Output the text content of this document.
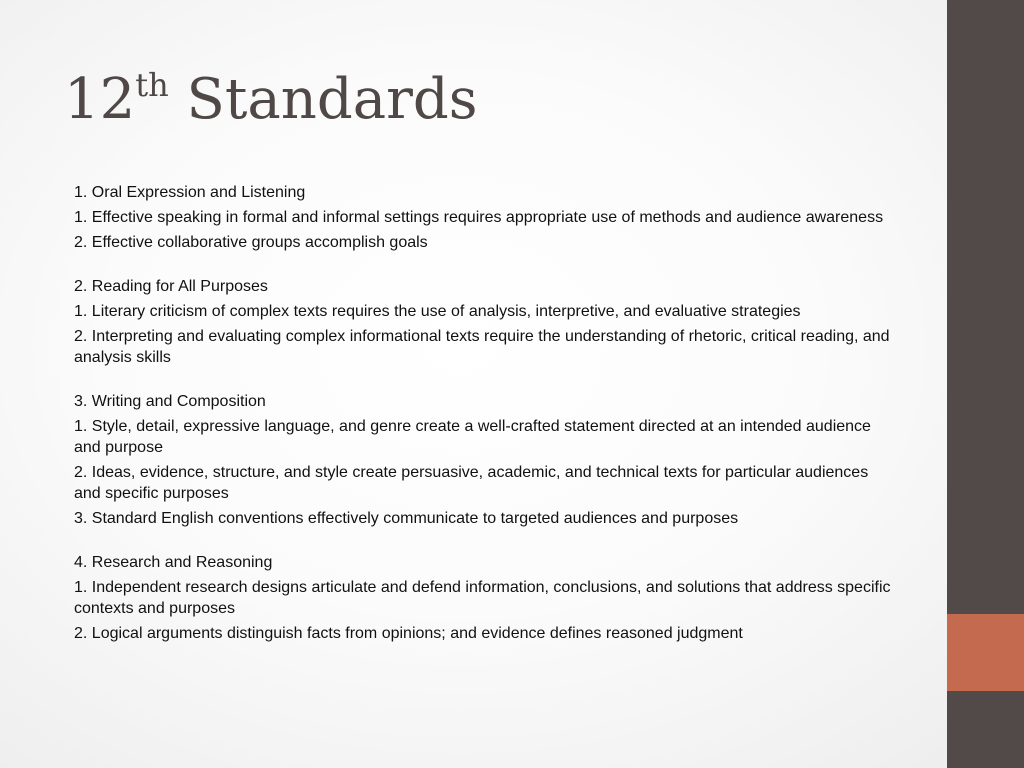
12th Standards
1. Oral Expression and Listening
1. Effective speaking in formal and informal settings requires appropriate use of methods and audience awareness
2. Effective collaborative groups accomplish goals
2. Reading for All Purposes
1. Literary criticism of complex texts requires the use of analysis, interpretive, and evaluative strategies
2. Interpreting and evaluating complex informational texts require the understanding of rhetoric, critical reading, and analysis skills
3. Writing and Composition
1. Style, detail, expressive language, and genre create a well-crafted statement directed at an intended audience and purpose
2. Ideas, evidence, structure, and style create persuasive, academic, and technical texts for particular audiences and specific purposes
3. Standard English conventions effectively communicate to targeted audiences and purposes
4. Research and Reasoning
1. Independent research designs articulate and defend information, conclusions, and solutions that address specific contexts and purposes
2. Logical arguments distinguish facts from opinions; and evidence defines reasoned judgment
